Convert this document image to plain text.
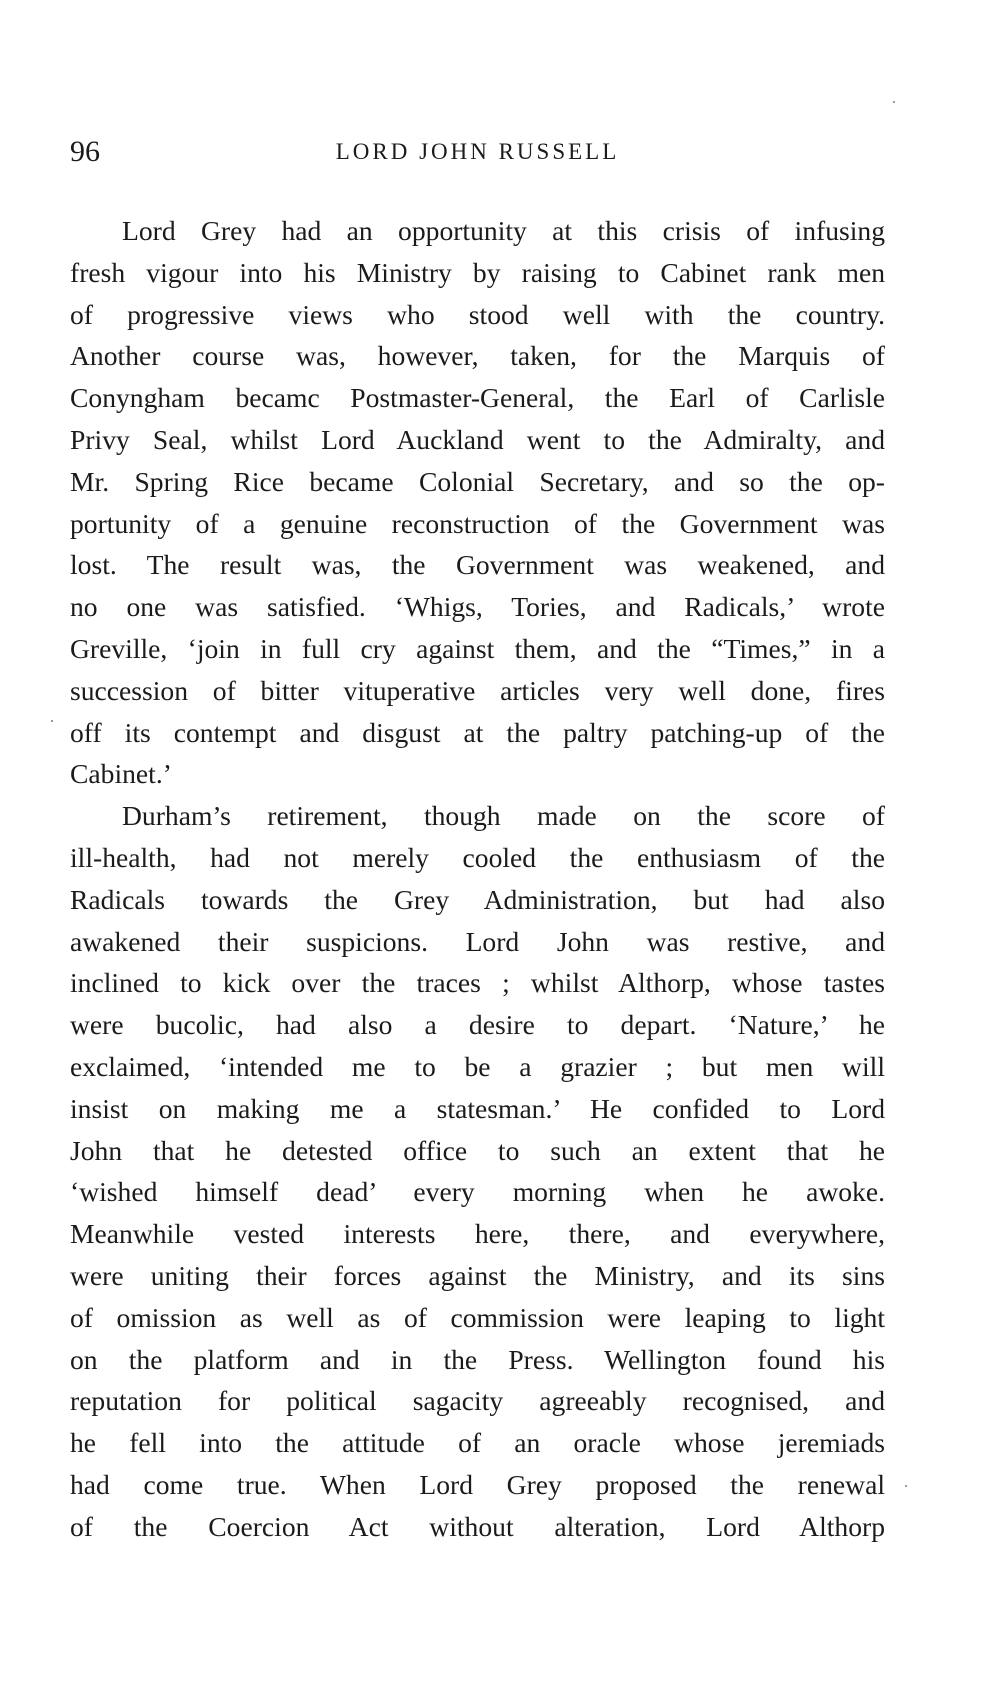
96	LORD JOHN RUSSELL
Lord Grey had an opportunity at this crisis of infusing
fresh vigour into his Ministry by raising to Cabinet rank men
of progressive views who stood well with the country.
Another course was, however, taken, for the Marquis of
Conyngham becamc Postmaster-General, the Earl of Carlisle
Privy Seal, whilst Lord Auckland went to the Admiralty, and
Mr. Spring Rice became Colonial Secretary, and so the op-
portunity of a genuine reconstruction of the Government was
lost. The result was, the Government was weakened, and
no one was satisfied. ‘Whigs, Tories, and Radicals,’ wrote
Greville, ‘join in full cry against them, and the “Times,” in a
succession of bitter vituperative articles very well done, fires
off its contempt and disgust at the paltry patching-up of the
Cabinet.’
Durham’s retirement, though made on the score of
ill-health, had not merely cooled the enthusiasm of the
Radicals towards the Grey Administration, but had also
awakened their suspicions. Lord John was restive, and
inclined to kick over the traces ; whilst Althorp, whose tastes
were bucolic, had also a desire to depart. ‘Nature,’ he
exclaimed, ‘intended me to be a grazier ; but men will
insist on making me a statesman.’ He confided to Lord
John that he detested office to such an extent that he
‘wished himself dead’ every morning when he awoke.
Meanwhile vested interests here, there, and everywhere,
were uniting their forces against the Ministry, and its sins
of omission as well as of commission were leaping to light
on the platform and in the Press. Wellington found his
reputation for political sagacity agreeably recognised, and
he fell into the attitude of an oracle whose jeremiads
had come true. When Lord Grey proposed the renewal
of the Coercion Act without alteration, Lord Althorp
